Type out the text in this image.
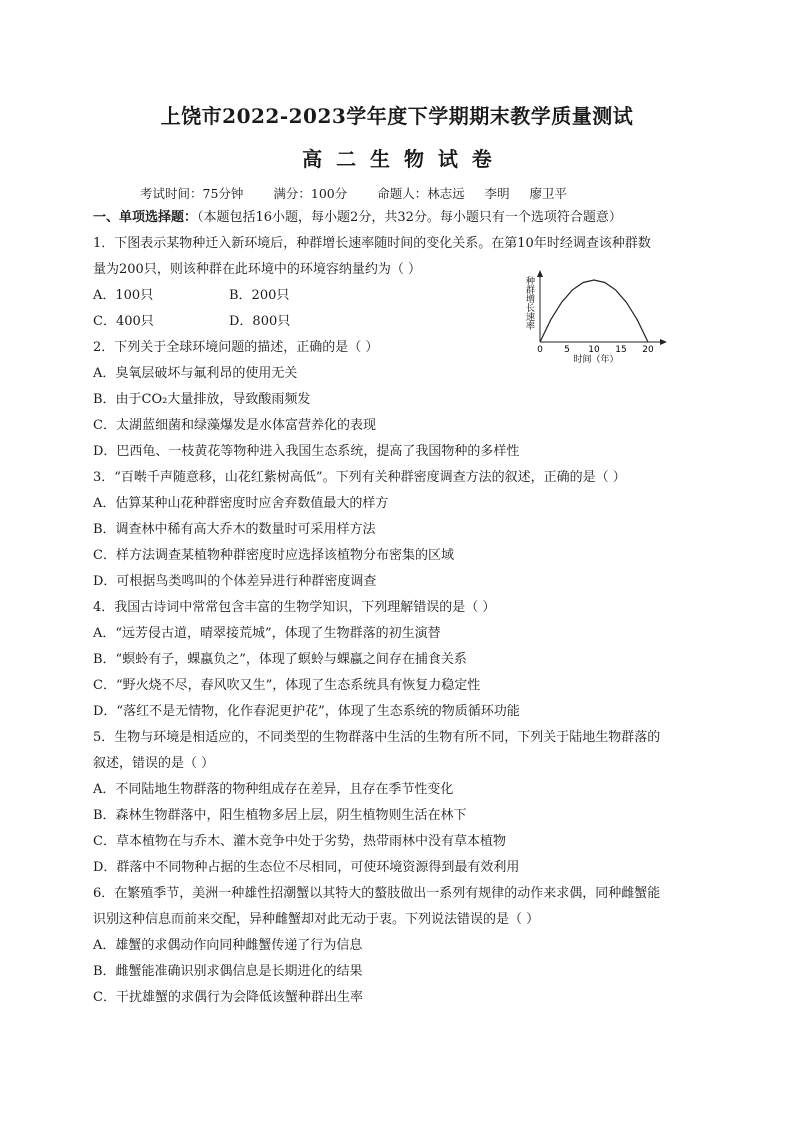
上饶市2022-2023学年度下学期期末教学质量测试
高  二  生  物  试  卷
考试时间：75分钟 满分：100分 命题人：林志远     李明     廖卫平
一、单项选择题：（本题包括16小题，每小题2分，共32分。每小题只有一个选项符合题意）
1．下图表示某物种迁入新环境后，种群增长速率随时间的变化关系。在第10年时经调查该种群数
量为200只，则该种群在此环境中的环境容纳量约为（ ）
A．100只	B．200只
C．400只	D．800只	种群增长速率
时间（年）
0 5 10 15 20
2．下列关于全球环境问题的描述，正确的是（ ）
A．臭氧层破坏与氟利昂的使用无关
B．由于CO₂大量排放，导致酸雨频发
C．太湖蓝细菌和绿藻爆发是水体富营养化的表现
D．巴西龟、一枝黄花等物种进入我国生态系统，提高了我国物种的多样性
3．“百啭千声随意移，山花红紫树高低”。下列有关种群密度调查方法的叙述，正确的是（ ）
A．估算某种山花种群密度时应舍弃数值最大的样方
B．调查林中稀有高大乔木的数量时可采用样方法
C．样方法调查某植物种群密度时应选择该植物分布密集的区域
D．可根据鸟类鸣叫的个体差异进行种群密度调查
4．我国古诗词中常常包含丰富的生物学知识，下列理解错误的是（ ）
A．“远芳侵古道，晴翠接荒城”，体现了生物群落的初生演替
B．“螟蛉有子，蜾蠃负之”，体现了螟蛉与蜾蠃之间存在捕食关系
C．“野火烧不尽，春风吹又生”，体现了生态系统具有恢复力稳定性
D．“落红不是无情物，化作春泥更护花”，体现了生态系统的物质循环功能
5．生物与环境是相适应的，不同类型的生物群落中生活的生物有所不同，下列关于陆地生物群落的
叙述，错误的是（ ）
A．不同陆地生物群落的物种组成存在差异，且存在季节性变化
B．森林生物群落中，阳生植物多居上层，阴生植物则生活在林下
C．草本植物在与乔木、灌木竞争中处于劣势，热带雨林中没有草本植物
D．群落中不同物种占据的生态位不尽相同，可使环境资源得到最有效利用
6．在繁殖季节，美洲一种雄性招潮蟹以其特大的螯肢做出一系列有规律的动作来求偶，同种雌蟹能
识别这种信息而前来交配，异种雌蟹却对此无动于衷。下列说法错误的是（ ）
A．雄蟹的求偶动作向同种雌蟹传递了行为信息
B．雌蟹能准确识别求偶信息是长期进化的结果
C．干扰雄蟹的求偶行为会降低该蟹种群出生率
